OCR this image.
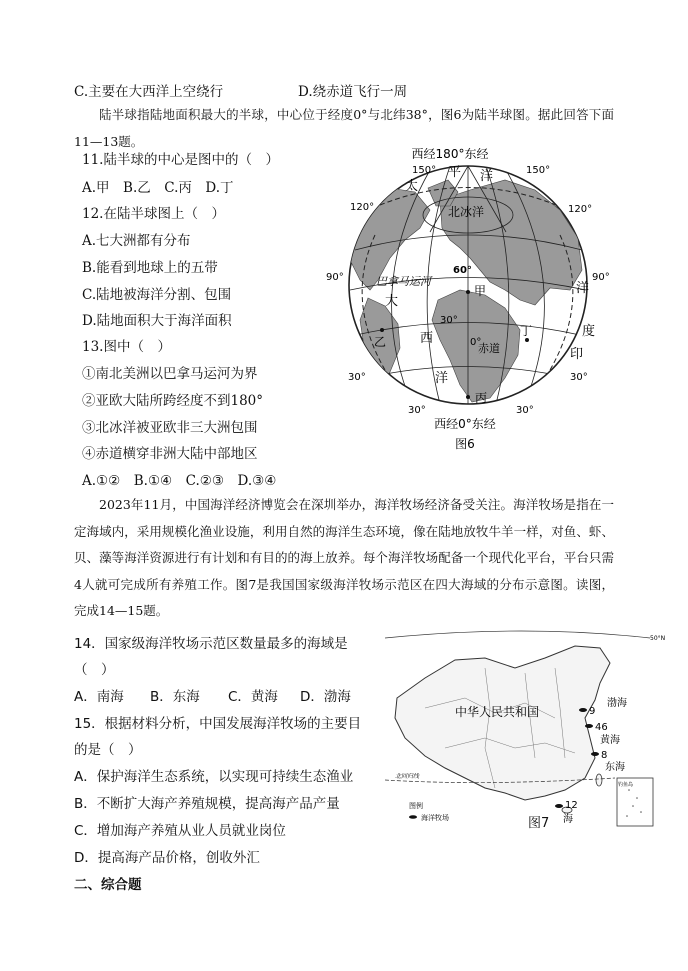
C.主要在大西洋上空绕行	D.绕赤道飞行一周
陆半球指陆地面积最大的半球，中心位于经度0°与北纬38°，图6为陆半球图。据此回答下面11—13题。
11.陆半球的中心是图中的（　）
A.甲　B.乙　C.丙　D.丁
12.在陆半球图上（　）
A.七大洲都有分布
B.能看到地球上的五带
C.陆地被海洋分割、包围
D.陆地面积大于海洋面积
13.图中（　）
①南北美洲以巴拿马运河为界
②亚欧大陆所跨经度不到180°
③北冰洋被亚欧非三大洲包围
④赤道横穿非洲大陆中部地区
A.①②　B.①④　C.②③　D.③④
西经180°东经
150°	150°
120°	120°
90°	90°
30°	30°
30°	30°
60°
30°
0°
太
平 洋
北冰洋
大
西
洋
印
度
洋
巴拿马运河
甲
乙
丙
丁
赤道
西经0°东经
图6
2023年11月，中国海洋经济博览会在深圳举办，海洋牧场经济备受关注。海洋牧场是指在一定海域内，采用规模化渔业设施，利用自然的海洋生态环境，像在陆地放牧牛羊一样，对鱼、虾、贝、藻等海洋资源进行有计划和有目的的海上放养。每个海洋牧场配备一个现代化平台，平台只需4人就可完成所有养殖工作。图7是我国国家级海洋牧场示范区在四大海域的分布示意图。读图，完成14—15题。
14．国家级海洋牧场示范区数量最多的海域是
（　）
A．南海 B．东海 C．黄海 D．渤海
15．根据材料分析，中国发展海洋牧场的主要目
的是（　）
A．保护海洋生态系统，以实现可持续生态渔业
B．不断扩大海产养殖规模，提高海产品产量
C．增加海产养殖从业人员就业岗位
D．提高海产品价格，创收外汇
50°N
北回归线
中华人民共和国
渤海
黄海
东海
海
9
46
8
12
钓鱼岛
图例
海洋牧场	图7
二、综合题
